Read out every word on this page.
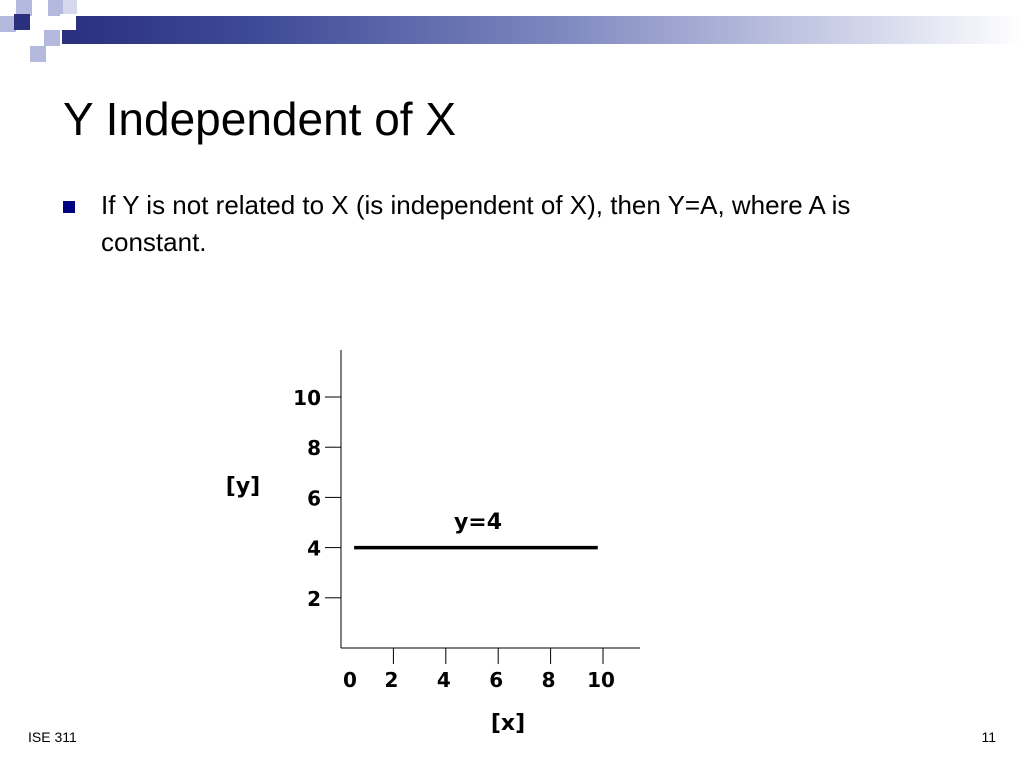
Y Independent of X
If Y is not related to X (is independent of X), then Y=A, where A is constant.
2
4
6
8
10
0 2 4 6 8 10
[y]
[x]
y=4
ISE 311	11
